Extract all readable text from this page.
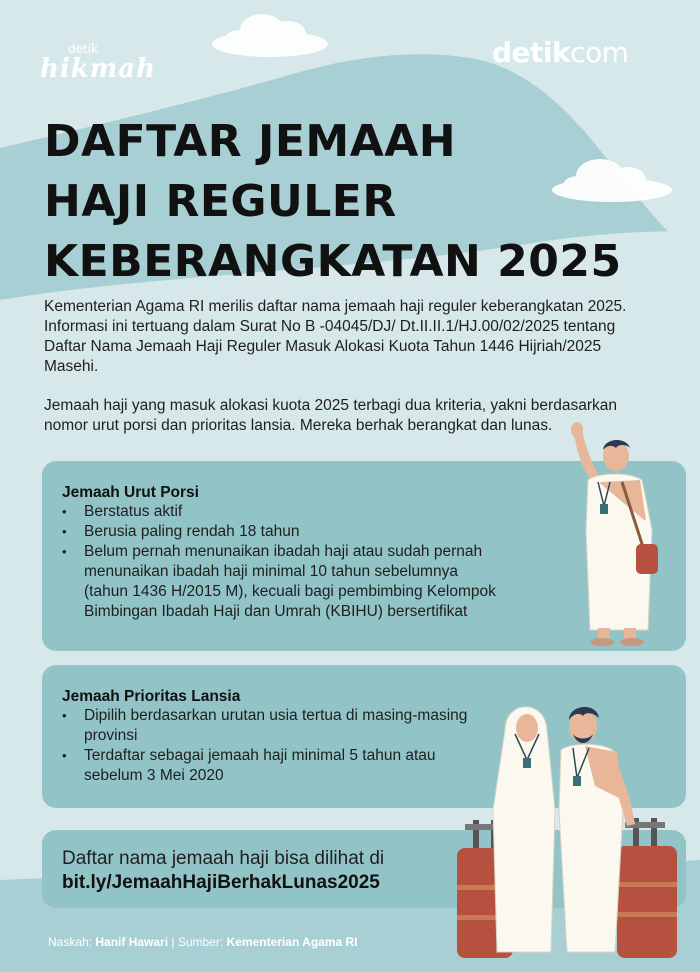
detik
hikmah	detikcom
DAFTAR JEMAAH
HAJI REGULER
KEBERANGKATAN 2025

Kementerian Agama RI merilis daftar nama jemaah haji reguler keberangkatan 2025. Informasi ini tertuang dalam Surat No B -04045/DJ/ Dt.II.II.1/HJ.00/02/2025 tentang Daftar Nama Jemaah Haji Reguler Masuk Alokasi Kuota Tahun 1446 Hijriah/2025 Masehi.

Jemaah haji yang masuk alokasi kuota 2025 terbagi dua kriteria, yakni berdasarkan nomor urut porsi dan prioritas lansia. Mereka berhak berangkat dan lunas.

Jemaah Urut Porsi

• Berstatus aktif
• Berusia paling rendah 18 tahun
• Belum pernah menunaikan ibadah haji atau sudah pernah menunaikan ibadah haji minimal 10 tahun sebelumnya (tahun 1436 H/2015 M), kecuali bagi pembimbing Kelompok Bimbingan Ibadah Haji dan Umrah (KBIHU) bersertifikat

Jemaah Prioritas Lansia

• Dipilih berdasarkan urutan usia tertua di masing-masing provinsi
• Terdaftar sebagai jemaah haji minimal 5 tahun atau sebelum 3 Mei 2020
Daftar nama jemaah haji bisa dilihat di
bit.ly/JemaahHajiBerhakLunas2025
Naskah: Hanif Hawari | Sumber: Kementerian Agama RI
